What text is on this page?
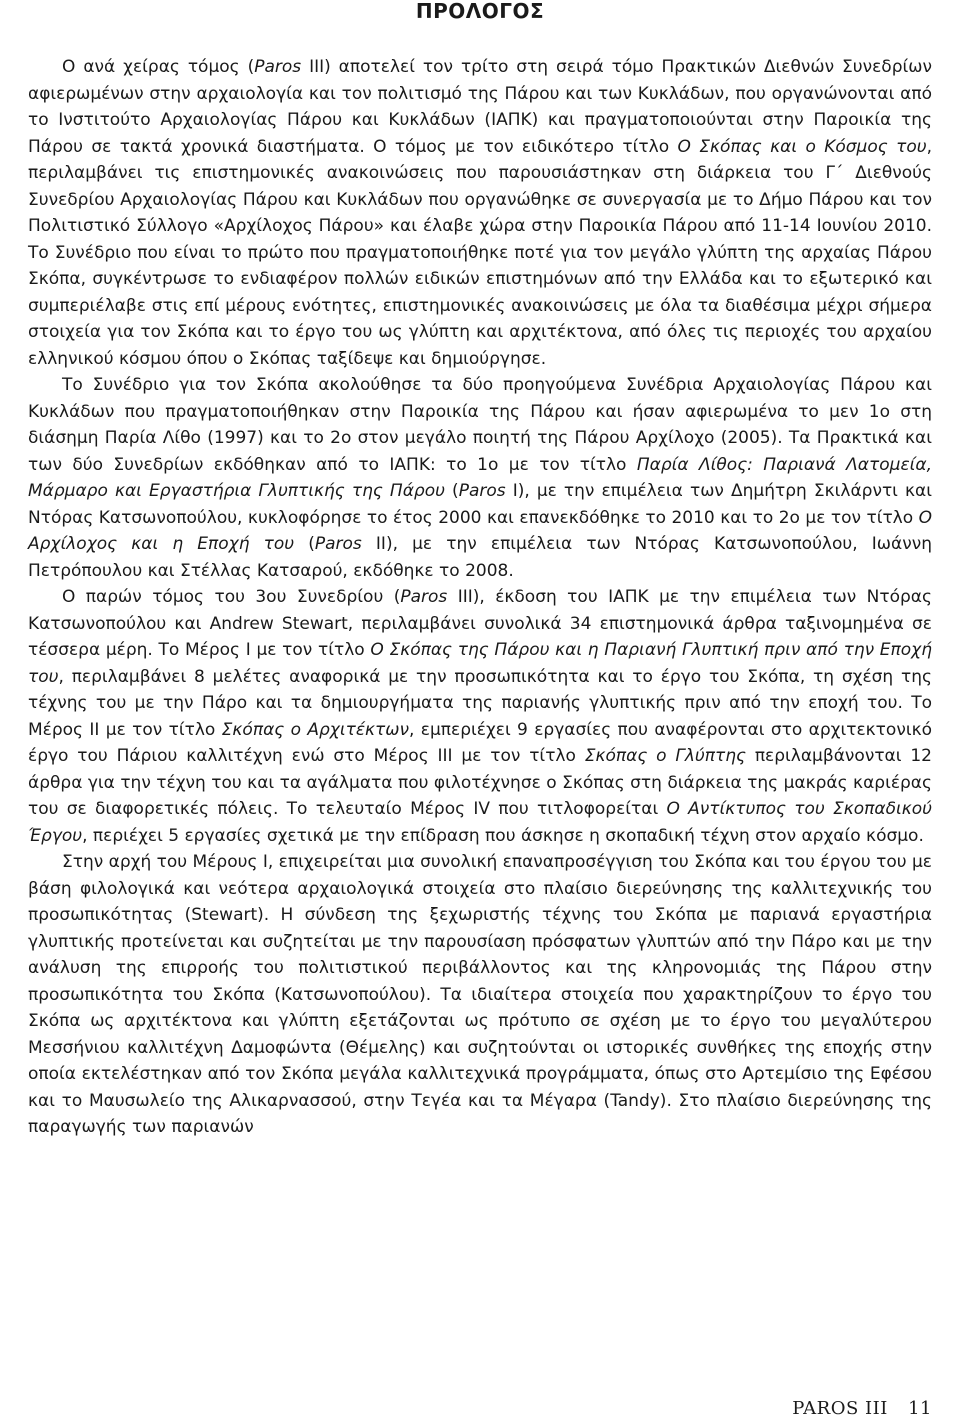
ΠΡΟΛΟΓΟΣ

Ο ανά χείρας τόμος (Paros III) αποτελεί τον τρίτο στη σειρά τόμο Πρακτικών Διεθνών Συνεδρίων αφιερωμένων στην αρχαιολογία και τον πολιτισμό της Πάρου και των Κυκλάδων, που οργανώνονται από το Ινστιτούτο Αρχαιολογίας Πάρου και Κυκλάδων (ΙΑΠΚ) και πραγματοποιούνται στην Παροικία της Πάρου σε τακτά χρονικά διαστήματα. Ο τόμος με τον ειδικότερο τίτλο Ο Σκόπας και ο Κόσμος του, περιλαμβάνει τις επιστημονικές ανακοινώσεις που παρουσιάστηκαν στη διάρκεια του Γ΄ Διεθνούς Συνεδρίου Αρχαιολογίας Πάρου και Κυκλάδων που οργανώθηκε σε συνεργασία με το Δήμο Πάρου και τον Πολιτιστικό Σύλλογο «Αρχίλοχος Πάρου» και έλαβε χώρα στην Παροικία Πάρου από 11-14 Ιουνίου 2010. Το Συνέδριο που είναι το πρώτο που πραγματοποιήθηκε ποτέ για τον μεγάλο γλύπτη της αρχαίας Πάρου Σκόπα, συγκέντρωσε το ενδιαφέρον πολλών ειδικών επιστημόνων από την Ελλάδα και το εξωτερικό και συμπεριέλαβε στις επί μέρους ενότητες, επιστημονικές ανακοινώσεις με όλα τα διαθέσιμα μέχρι σήμερα στοιχεία για τον Σκόπα και το έργο του ως γλύπτη και αρχιτέκτονα, από όλες τις περιοχές του αρχαίου ελληνικού κόσμου όπου ο Σκόπας ταξίδεψε και δημιούργησε.

Το Συνέδριο για τον Σκόπα ακολούθησε τα δύο προηγούμενα Συνέδρια Αρχαιολογίας Πάρου και Κυκλάδων που πραγματοποιήθηκαν στην Παροικία της Πάρου και ήσαν αφιερωμένα το μεν 1ο στη διάσημη Παρία Λίθο (1997) και το 2ο στον μεγάλο ποιητή της Πάρου Αρχίλοχο (2005). Τα Πρακτικά και των δύο Συνεδρίων εκδόθηκαν από το ΙΑΠΚ: το 1ο με τον τίτλο Παρία Λίθος: Παριανά Λατομεία, Μάρμαρο και Εργαστήρια Γλυπτικής της Πάρου (Paros I), με την επιμέλεια των Δημήτρη Σκιλάρντι και Ντόρας Κατσωνοπούλου, κυκλοφόρησε το έτος 2000 και επανεκδόθηκε το 2010 και το 2ο με τον τίτλο Ο Αρχίλοχος και η Εποχή του (Paros II), με την επιμέλεια των Ντόρας Κατσωνοπούλου, Ιωάννη Πετρόπουλου και Στέλλας Κατσαρού, εκδόθηκε το 2008.

Ο παρών τόμος του 3ου Συνεδρίου (Paros III), έκδοση του ΙΑΠΚ με την επιμέλεια των Ντόρας Κατσωνοπούλου και Andrew Stewart, περιλαμβάνει συνολικά 34 επιστημονικά άρθρα ταξινομημένα σε τέσσερα μέρη. Το Μέρος Ι με τον τίτλο Ο Σκόπας της Πάρου και η Παριανή Γλυπτική πριν από την Εποχή του, περιλαμβάνει 8 μελέτες αναφορικά με την προσωπικότητα και το έργο του Σκόπα, τη σχέση της τέχνης του με την Πάρο και τα δημιουργήματα της παριανής γλυπτικής πριν από την εποχή του. Το Μέρος ΙΙ με τον τίτλο Σκόπας ο Αρχιτέκτων, εμπεριέχει 9 εργασίες που αναφέρονται στο αρχιτεκτονικό έργο του Πάριου καλλιτέχνη ενώ στο Μέρος ΙΙΙ με τον τίτλο Σκόπας ο Γλύπτης περιλαμβάνονται 12 άρθρα για την τέχνη του και τα αγάλματα που φιλοτέχνησε ο Σκόπας στη διάρκεια της μακράς καριέρας του σε διαφορετικές πόλεις. Το τελευταίο Μέρος IV που τιτλοφορείται Ο Αντίκτυπος του Σκοπαδικού Έργου, περιέχει 5 εργασίες σχετικά με την επίδραση που άσκησε η σκοπαδική τέχνη στον αρχαίο κόσμο.

Στην αρχή του Μέρους Ι, επιχειρείται μια συνολική επαναπροσέγγιση του Σκόπα και του έργου του με βάση φιλολογικά και νεότερα αρχαιολογικά στοιχεία στο πλαίσιο διερεύνησης της καλλιτεχνικής του προσωπικότητας (Stewart). Η σύνδεση της ξεχωριστής τέχνης του Σκόπα με παριανά εργαστήρια γλυπτικής προτείνεται και συζητείται με την παρουσίαση πρόσφατων γλυπτών από την Πάρο και με την ανάλυση της επιρροής του πολιτιστικού περιβάλλοντος και της κληρονομιάς της Πάρου στην προσωπικότητα του Σκόπα (Κατσωνοπούλου). Τα ιδιαίτερα στοιχεία που χαρακτηρίζουν το έργο του Σκόπα ως αρχιτέκτονα και γλύπτη εξετάζονται ως πρότυπο σε σχέση με το έργο του μεγαλύτερου Μεσσήνιου καλλιτέχνη Δαμοφώντα (Θέμελης) και συζητούνται οι ιστορικές συνθήκες της εποχής στην οποία εκτελέστηκαν από τον Σκόπα μεγάλα καλλιτεχνικά προγράμματα, όπως στο Αρτεμίσιο της Εφέσου και το Μαυσωλείο της Αλικαρνασσού, στην Τεγέα και τα Μέγαρα (Tandy). Στο πλαίσιο διερεύνησης της παραγωγής των παριανών

PAROS III 11
